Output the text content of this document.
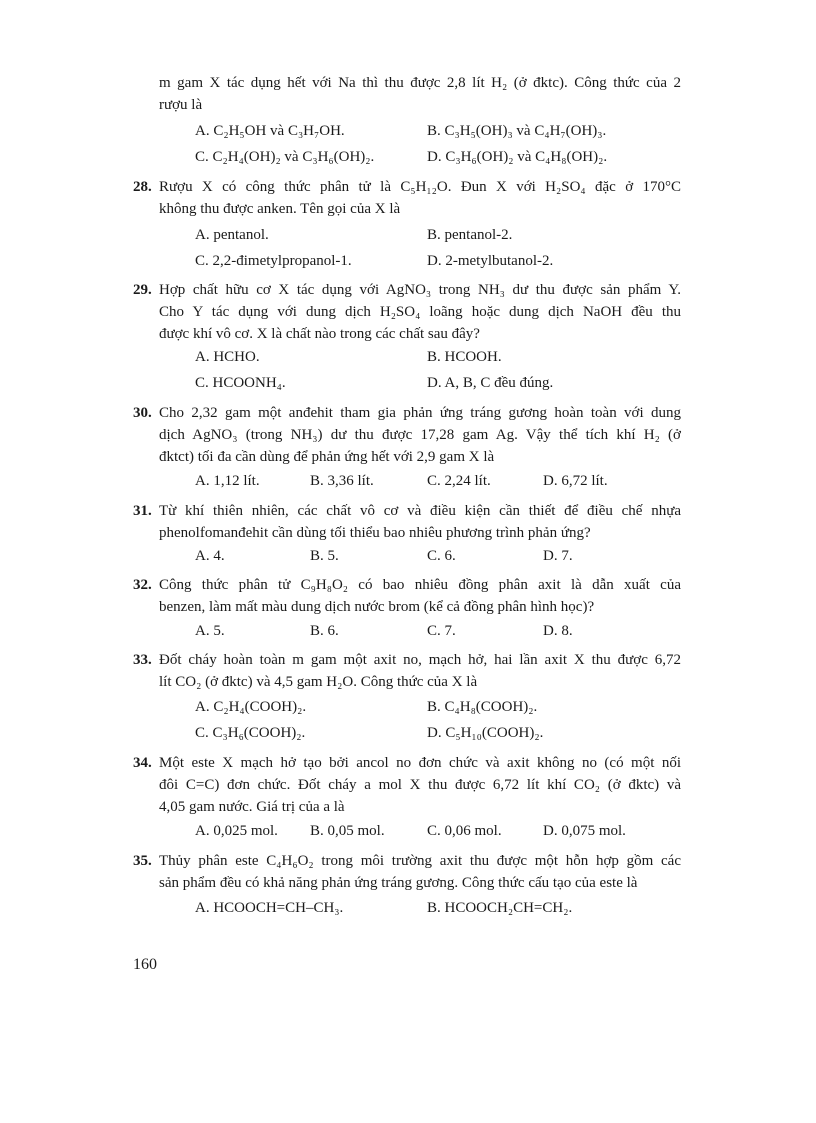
m gam X tác dụng hết với Na thì thu được 2,8 lít H₂ (ở đktc). Công thức của 2
rượu là
A. C₂H₅OH và C₃H₇OH.	B. C₃H₅(OH)₃ và C₄H₇(OH)₃.
C. C₂H₄(OH)₂ và C₃H₆(OH)₂.	D. C₃H₆(OH)₂ và C₄H₈(OH)₂.
28. Rượu X có công thức phân tử là C₅H₁₂O. Đun X với H₂SO₄ đặc ở 170°C
không thu được anken. Tên gọi của X là
A. pentanol.	B. pentanol-2.
C. 2,2-đimetylpropanol-1.	D. 2-metylbutanol-2.
29. Hợp chất hữu cơ X tác dụng với AgNO₃ trong NH₃ dư thu được sản phẩm Y.
Cho Y tác dụng với dung dịch H₂SO₄ loãng hoặc dung dịch NaOH đều thu
được khí vô cơ. X là chất nào trong các chất sau đây?
A. HCHO.	B. HCOOH.
C. HCOONH₄.	D. A, B, C đều đúng.
30. Cho 2,32 gam một anđehit tham gia phản ứng tráng gương hoàn toàn với dung
dịch AgNO₃ (trong NH₃) dư thu được 17,28 gam Ag. Vậy thể tích khí H₂ (ở
đktct) tối đa cần dùng để phản ứng hết với 2,9 gam X là
A. 1,12 lít.	B. 3,36 lít.	C. 2,24 lít.	D. 6,72 lít.
31. Từ khí thiên nhiên, các chất vô cơ và điều kiện cần thiết để điều chế nhựa
phenolfomanđehit cần dùng tối thiểu bao nhiêu phương trình phản ứng?
A. 4.	B. 5.	C. 6.	D. 7.
32. Công thức phân tử C₉H₈O₂ có bao nhiêu đồng phân axit là dẫn xuất của
benzen, làm mất màu dung dịch nước brom (kể cả đồng phân hình học)?
A. 5.	B. 6.	C. 7.	D. 8.
33. Đốt cháy hoàn toàn m gam một axit no, mạch hở, hai lần axit X thu được 6,72
lít CO₂ (ở đktc) và 4,5 gam H₂O. Công thức của X là
A. C₂H₄(COOH)₂.	B. C₄H₈(COOH)₂.
C. C₃H₆(COOH)₂.	D. C₅H₁₀(COOH)₂.
34. Một este X mạch hở tạo bởi ancol no đơn chức và axit không no (có một nối
đôi C=C) đơn chức. Đốt cháy a mol X thu được 6,72 lít khí CO₂ (ở đktc) và
4,05 gam nước. Giá trị của a là
A. 0,025 mol. B. 0,05 mol.	C. 0,06 mol.	D. 0,075 mol.
35. Thủy phân este C₄H₆O₂ trong môi trường axit thu được một hỗn hợp gồm các
sản phẩm đều có khả năng phản ứng tráng gương. Công thức cấu tạo của este là
A. HCOOCH=CH–CH₃.	B. HCOOCH₂CH=CH₂.
160
